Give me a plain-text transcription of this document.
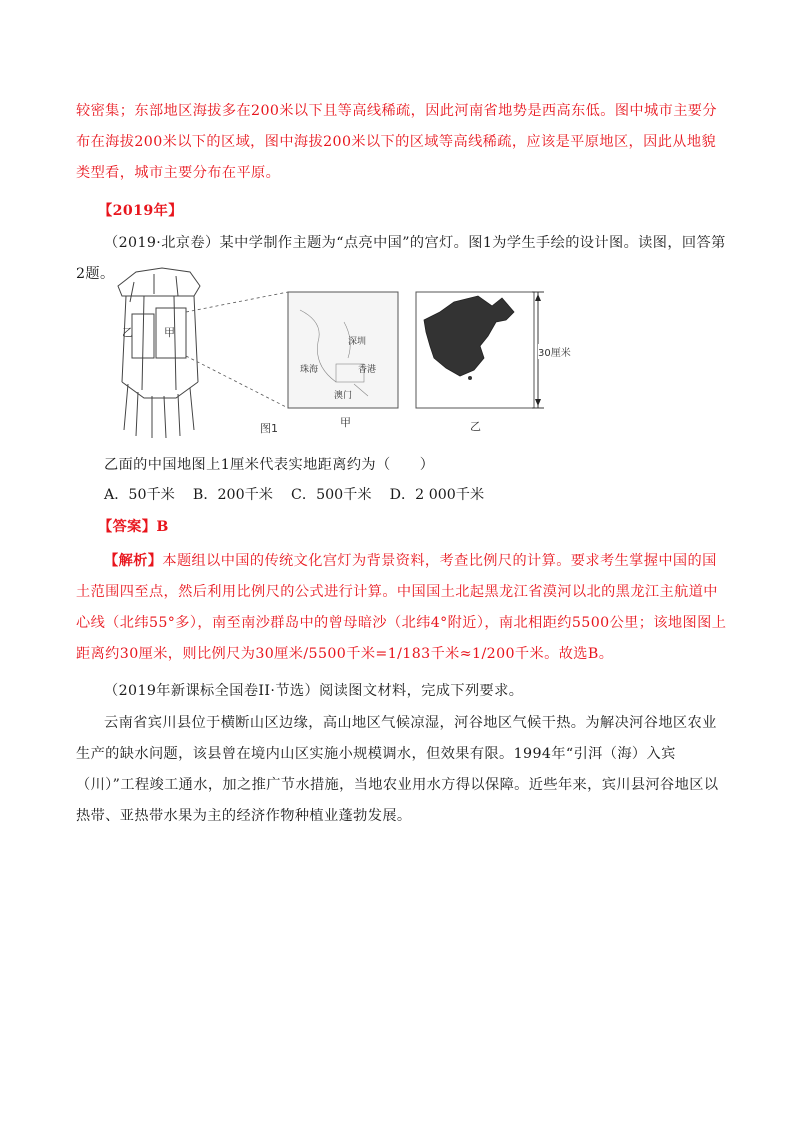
较密集；东部地区海拔多在200米以下且等高线稀疏，因此河南省地势是西高东低。图中城市主要分布在海拔200米以下的区域，图中海拔200米以下的区域等高线稀疏，应该是平原地区，因此从地貌类型看，城市主要分布在平原。

【2019年】

（2019·北京卷）某中学制作主题为“点亮中国”的宫灯。图1为学生手绘的设计图。读图，回答第2题。

乙	甲
深圳
珠海	香港
澳门
30厘米
甲	乙
图1

乙面的中国地图上1厘米代表实地距离约为（　　）

A．50千米 B．200千米 C．500千米 D．2 000千米

【答案】B

【解析】本题组以中国的传统文化宫灯为背景资料，考查比例尺的计算。要求考生掌握中国的国土范围四至点，然后利用比例尺的公式进行计算。中国国土北起黑龙江省漠河以北的黑龙江主航道中心线（北纬55°多），南至南沙群岛中的曾母暗沙（北纬4°附近），南北相距约5500公里；该地图图上距离约30厘米，则比例尺为30厘米/5500千米=1/183千米≈1/200千米。故选B。

（2019年新课标全国卷II·节选）阅读图文材料，完成下列要求。

云南省宾川县位于横断山区边缘，高山地区气候凉湿，河谷地区气候干热。为解决河谷地区农业生产的缺水问题，该县曾在境内山区实施小规模调水，但效果有限。1994年“引洱（海）入宾（川）”工程竣工通水，加之推广节水措施，当地农业用水方得以保障。近些年来，宾川县河谷地区以热带、亚热带水果为主的经济作物种植业蓬勃发展。
